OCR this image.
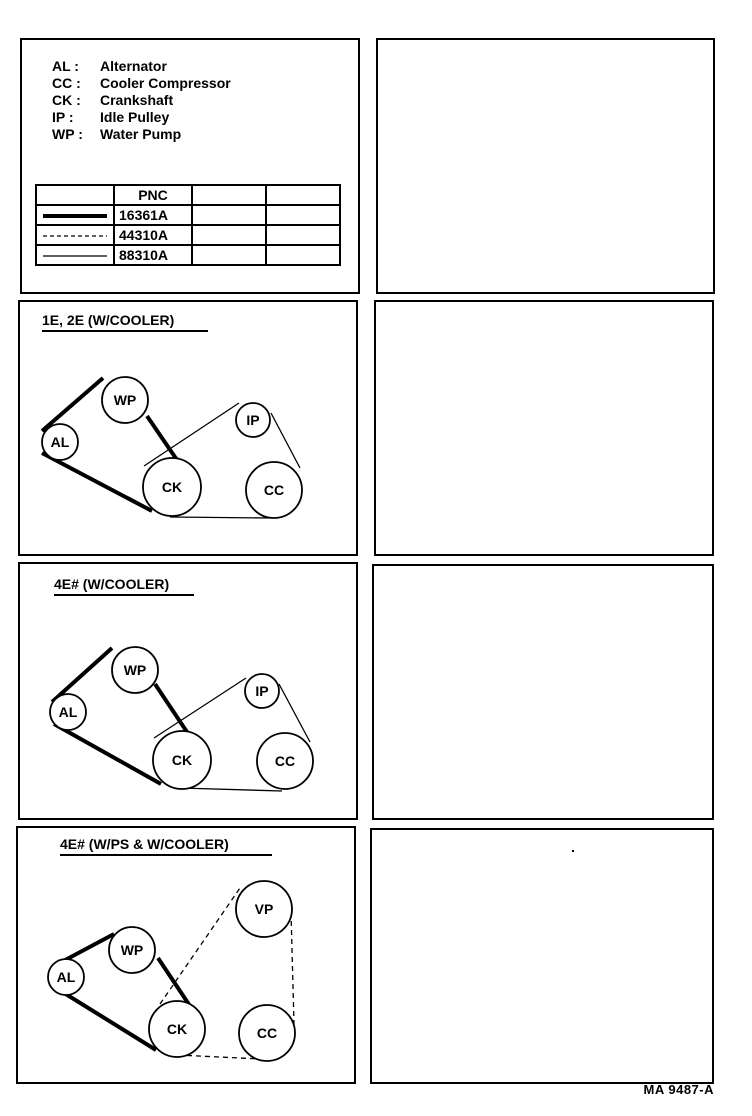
AL :	Alternator
CC :	Cooler Compressor
CK :	Crankshaft
IP :	Idle Pulley
WP :	Water Pump
	PNC		
	16361A		
	44310A		
	88310A		
1E, 2E (W/COOLER)
WP
AL
CK
IP
CC
4E# (W/COOLER)
WP
AL
CK
IP
CC
4E# (W/PS & W/COOLER)
WP
AL
CK
VP
CC
MA 9487-A
